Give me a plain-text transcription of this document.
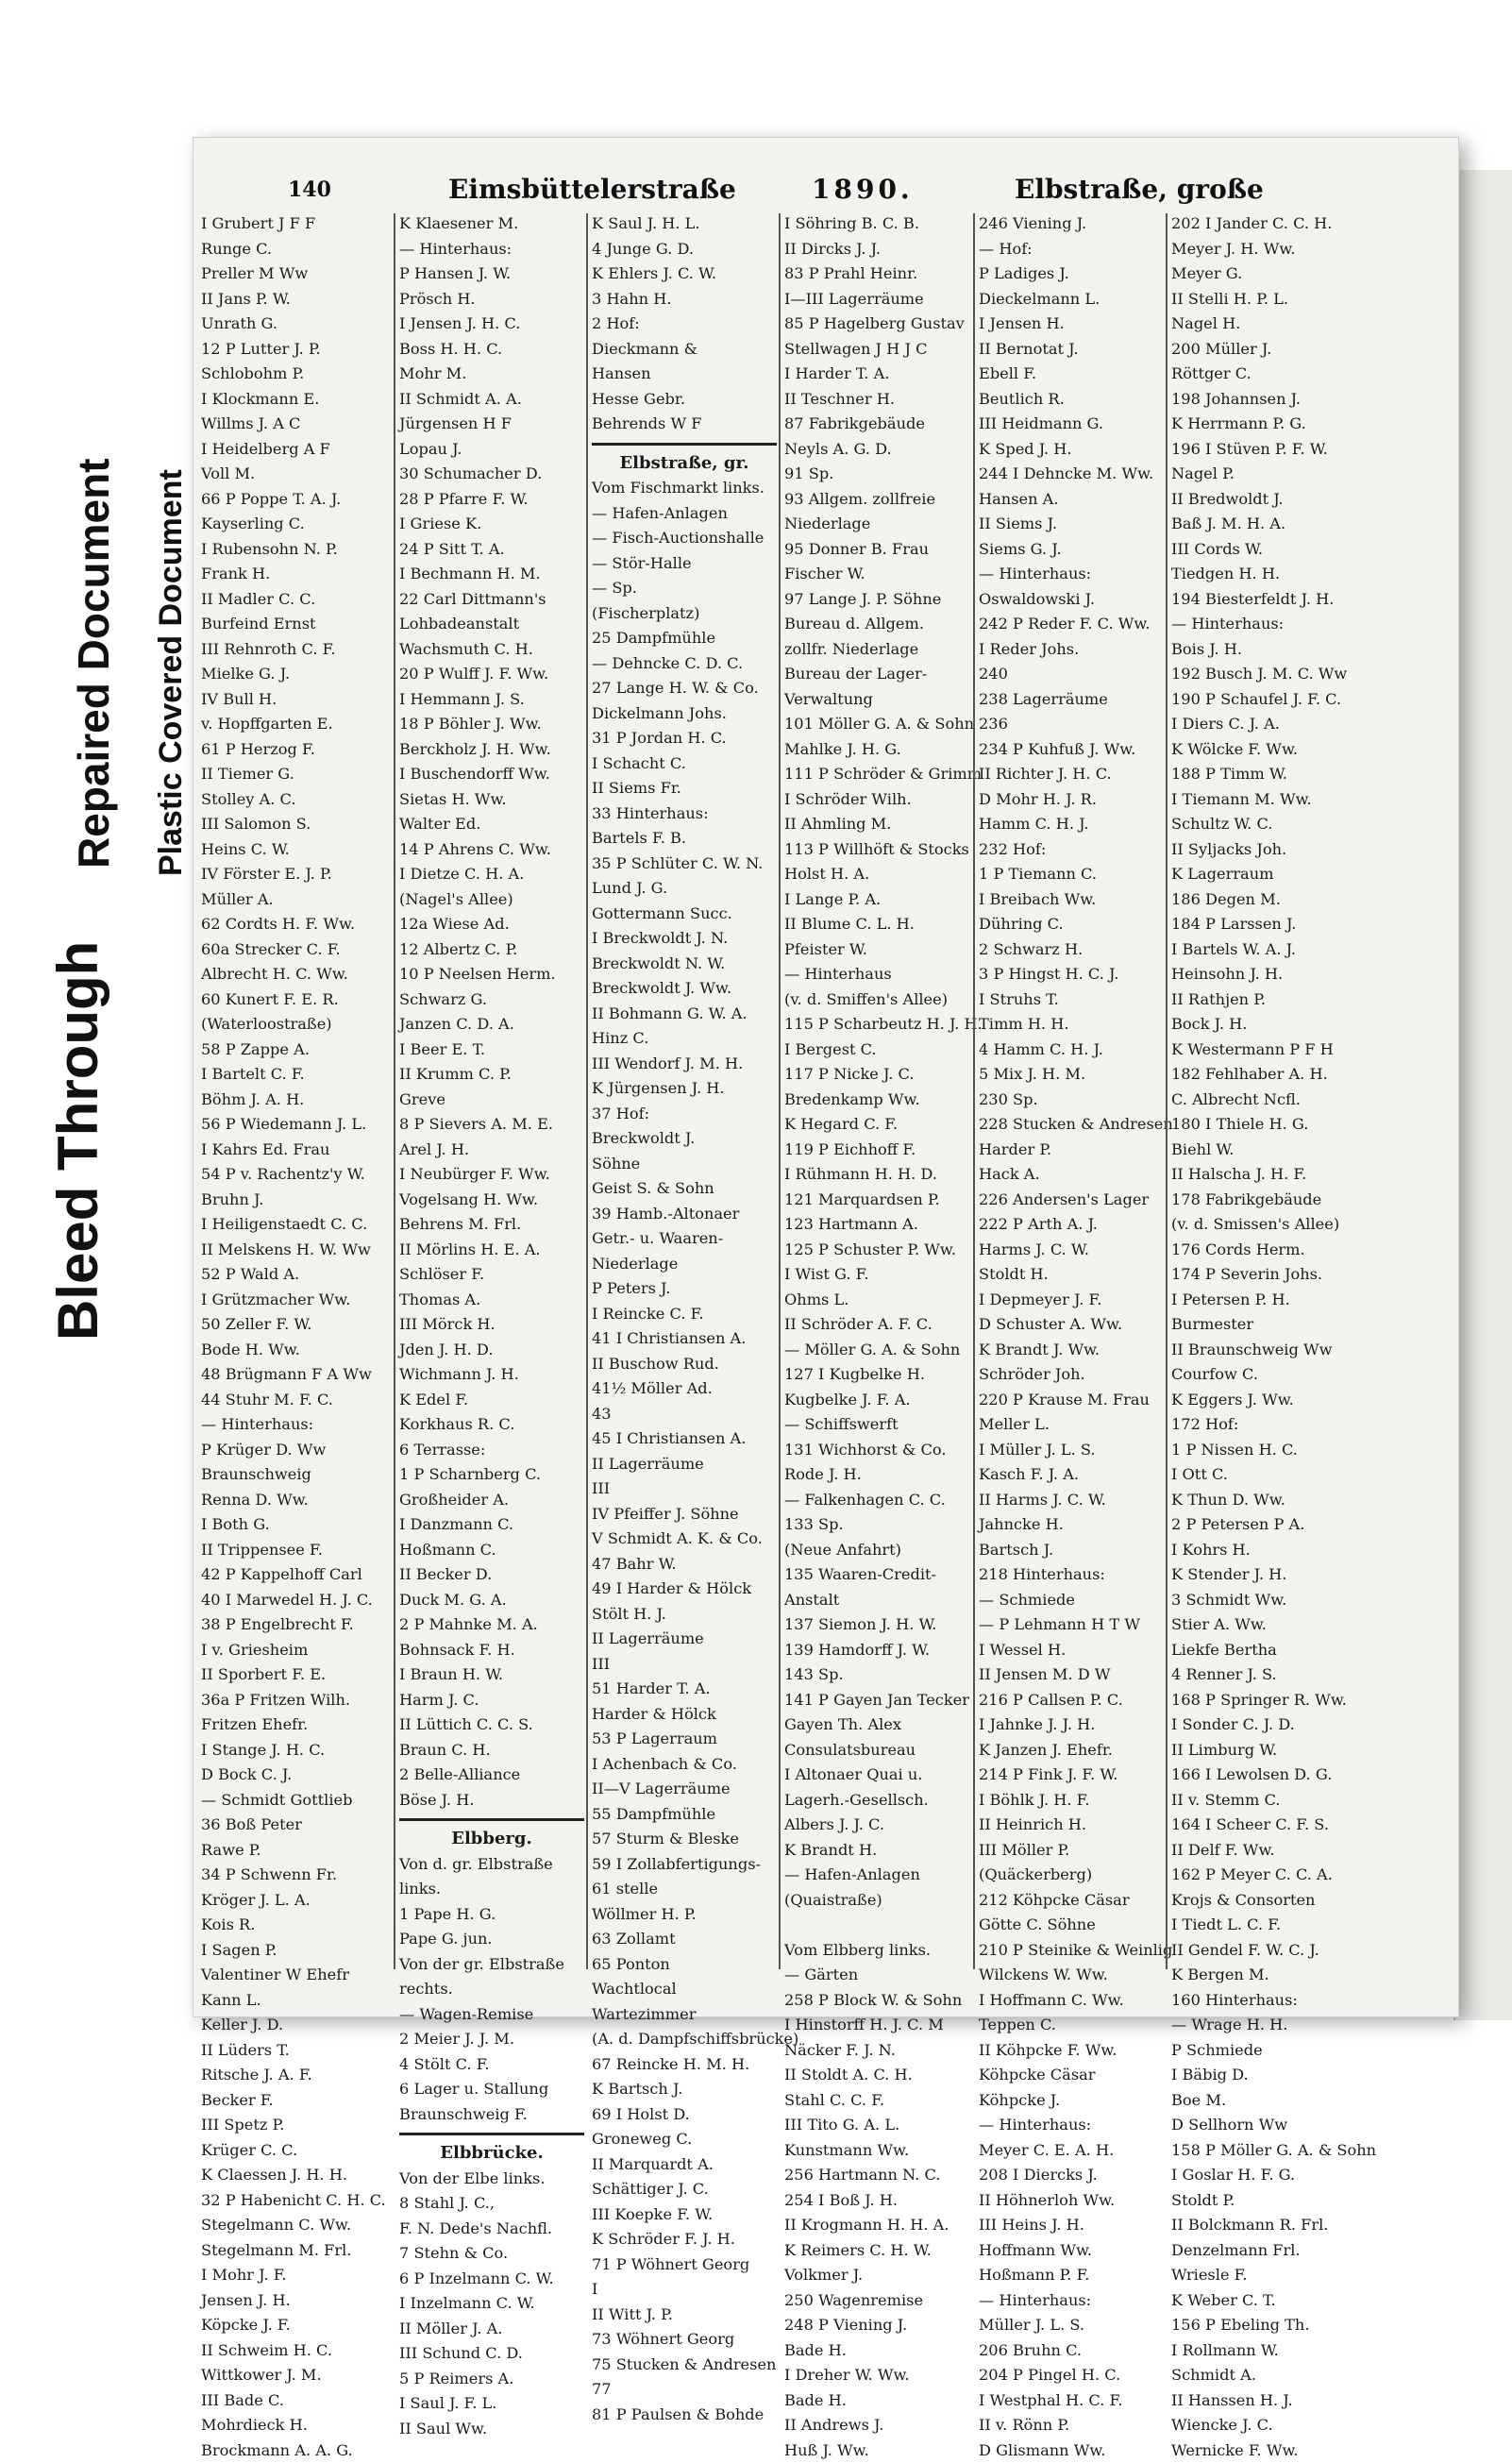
Bleed Through
Repaired Document Plastic Covered Document
140	Eimsbüttelerstraße	1890.	Elbstraße, große
I Grubert J F F
Runge C.
Preller M Ww
II Jans P. W.
Unrath G.
12 P Lutter J. P.
Schlobohm P.
I Klockmann E.
Willms J. A C
I Heidelberg A F
Voll M.
66 P Poppe T. A. J.
Kayserling C.
I Rubensohn N. P.
Frank H.
II Madler C. C.
Burfeind Ernst
III Rehnroth C. F.
Mielke G. J.
IV Bull H.
v. Hopffgarten E.
61 P Herzog F.
II Tiemer G.
Stolley A. C.
III Salomon S.
Heins C. W.
IV Förster E. J. P.
Müller A.
62 Cordts H. F. Ww.
60a Strecker C. F.
Albrecht H. C. Ww.
60 Kunert F. E. R.
(Waterloostraße)
58 P Zappe A.
I Bartelt C. F.
Böhm J. A. H.
56 P Wiedemann J. L.
I Kahrs Ed. Frau
54 P v. Rachentz'y W.
Bruhn J.
I Heiligenstaedt C. C.
II Melskens H. W. Ww
52 P Wald A.
I Grützmacher Ww.
50 Zeller F. W.
Bode H. Ww.
48 Brügmann F A Ww
44 Stuhr M. F. C.
— Hinterhaus:
P Krüger D. Ww
Braunschweig
Renna D. Ww.
I Both G.
II Trippensee F.
42 P Kappelhoff Carl
40 I Marwedel H. J. C.
38 P Engelbrecht F.
I v. Griesheim
II Sporbert F. E.
36a P Fritzen Wilh.
Fritzen Ehefr.
I Stange J. H. C.
D Bock C. J.
— Schmidt Gottlieb
36 Boß Peter
Rawe P.
34 P Schwenn Fr.
Kröger J. L. A.
Kois R.
I Sagen P.
Valentiner W Ehefr
Kann L.
Keller J. D.
II Lüders T.
Ritsche J. A. F.
Becker F.
III Spetz P.
Krüger C. C.
K Claessen J. H. H.
32 P Habenicht C. H. C.
Stegelmann C. Ww.
Stegelmann M. Frl.
I Mohr J. F.
Jensen J. H.
Köpcke J. F.
II Schweim H. C.
Wittkower J. M.
III Bade C.
Mohrdieck H.
Brockmann A. A. G.
K Klaesener M.
— Hinterhaus:
P Hansen J. W.
Prösch H.
I Jensen J. H. C.
Boss H. H. C.
Mohr M.
II Schmidt A. A.
Jürgensen H F
Lopau J.
30 Schumacher D.
28 P Pfarre F. W.
I Griese K.
24 P Sitt T. A.
I Bechmann H. M.
22 Carl Dittmann's
Lohbadeanstalt
Wachsmuth C. H.
20 P Wulff J. F. Ww.
I Hemmann J. S.
18 P Böhler J. Ww.
Berckholz J. H. Ww.
I Buschendorff Ww.
Sietas H. Ww.
Walter Ed.
14 P Ahrens C. Ww.
I Dietze C. H. A.
(Nagel's Allee)
12a Wiese Ad.
12 Albertz C. P.
10 P Neelsen Herm.
Schwarz G.
Janzen C. D. A.
I Beer E. T.
II Krumm C. P.
Greve
8 P Sievers A. M. E.
Arel J. H.
I Neubürger F. Ww.
Vogelsang H. Ww.
Behrens M. Frl.
II Mörlins H. E. A.
Schlöser F.
Thomas A.
III Mörck H.
Jden J. H. D.
Wichmann J. H.
K Edel F.
Korkhaus R. C.
6 Terrasse:
1 P Scharnberg C.
Großheider A.
I Danzmann C.
Hoßmann C.
II Becker D.
Duck M. G. A.
2 P Mahnke M. A.
Bohnsack F. H.
I Braun H. W.
Harm J. C.
II Lüttich C. C. S.
Braun C. H.
2 Belle-Alliance
Böse J. H.
Elbberg.
Von d. gr. Elbstraße
links.
1 Pape H. G.
Pape G. jun.
Von der gr. Elbstraße
rechts.
— Wagen-Remise
2 Meier J. J. M.
4 Stölt C. F.
6 Lager u. Stallung
Braunschweig F.
Elbbrücke.
Von der Elbe links.
8 Stahl J. C.,
F. N. Dede's Nachfl.
7 Stehn & Co.
6 P Inzelmann C. W.
I Inzelmann C. W.
II Möller J. A.
III Schund C. D.
5 P Reimers A.
I Saul J. F. L.
II Saul Ww.
K Saul J. H. L.
4 Junge G. D.
K Ehlers J. C. W.
3 Hahn H.
2 Hof:
Dieckmann &
Hansen
Hesse Gebr.
Behrends W F
Elbstraße, gr.
Vom Fischmarkt links.
— Hafen-Anlagen
— Fisch-Auctionshalle
— Stör-Halle
— Sp.
(Fischerplatz)
25 Dampfmühle
— Dehncke C. D. C.
27 Lange H. W. & Co.
Dickelmann Johs.
31 P Jordan H. C.
I Schacht C.
II Siems Fr.
33 Hinterhaus:
Bartels F. B.
35 P Schlüter C. W. N.
Lund J. G.
Gottermann Succ.
I Breckwoldt J. N.
Breckwoldt N. W.
Breckwoldt J. Ww.
II Bohmann G. W. A.
Hinz C.
III Wendorf J. M. H.
K Jürgensen J. H.
37 Hof:
Breckwoldt J.
Söhne
Geist S. & Sohn
39 Hamb.-Altonaer
Getr.- u. Waaren-
Niederlage
P Peters J.
I Reincke C. F.
41 I Christiansen A.
II Buschow Rud.
41½ Möller Ad.
43
45 I Christiansen A.
II Lagerräume
III
IV Pfeiffer J. Söhne
V Schmidt A. K. & Co.
47 Bahr W.
49 I Harder & Hölck
Stölt H. J.
II Lagerräume
III
51 Harder T. A.
Harder & Hölck
53 P Lagerraum
I Achenbach & Co.
II—V Lagerräume
55 Dampfmühle
57 Sturm & Bleske
59 I Zollabfertigungs-
61 stelle
Wöllmer H. P.
63 Zollamt
65 Ponton
Wachtlocal
Wartezimmer
(A. d. Dampfschiffsbrücke)
67 Reincke H. M. H.
K Bartsch J.
69 I Holst D.
Groneweg C.
II Marquardt A.
Schättiger J. C.
III Koepke F. W.
K Schröder F. J. H.
71 P Wöhnert Georg
I
II Witt J. P.
73 Wöhnert Georg
75 Stucken & Andresen
77
81 P Paulsen & Bohde
I Söhring B. C. B.
II Dircks J. J.
83 P Prahl Heinr.
I—III Lagerräume
85 P Hagelberg Gustav
Stellwagen J H J C
I Harder T. A.
II Teschner H.
87 Fabrikgebäude
Neyls A. G. D.
91 Sp.
93 Allgem. zollfreie
Niederlage
95 Donner B. Frau
Fischer W.
97 Lange J. P. Söhne
Bureau d. Allgem.
zollfr. Niederlage
Bureau der Lager-
Verwaltung
101 Möller G. A. & Sohn
Mahlke J. H. G.
111 P Schröder & Grimm
I Schröder Wilh.
II Ahmling M.
113 P Willhöft & Stocks
Holst H. A.
I Lange P. A.
II Blume C. L. H.
Pfeister W.
— Hinterhaus
(v. d. Smiffen's Allee)
115 P Scharbeutz H. J. H.
I Bergest C.
117 P Nicke J. C.
Bredenkamp Ww.
K Hegard C. F.
119 P Eichhoff F.
I Rühmann H. H. D.
121 Marquardsen P.
123 Hartmann A.
125 P Schuster P. Ww.
I Wist G. F.
Ohms L.
II Schröder A. F. C.
— Möller G. A. & Sohn
127 I Kugbelke H.
Kugbelke J. F. A.
— Schiffswerft
131 Wichhorst & Co.
Rode J. H.
— Falkenhagen C. C.
133 Sp.
(Neue Anfahrt)
135 Waaren-Credit-
Anstalt
137 Siemon J. H. W.
139 Hamdorff J. W.
143 Sp.
141 P Gayen Jan Tecker
Gayen Th. Alex
Consulatsbureau
I Altonaer Quai u.
Lagerh.-Gesellsch.
Albers J. J. C.
K Brandt H.
— Hafen-Anlagen
(Quaistraße)
Vom Elbberg links.
— Gärten
258 P Block W. & Sohn
I Hinstorff H. J. C. M
Näcker F. J. N.
II Stoldt A. C. H.
Stahl C. C. F.
III Tito G. A. L.
Kunstmann Ww.
256 Hartmann N. C.
254 I Boß J. H.
II Krogmann H. H. A.
K Reimers C. H. W.
Volkmer J.
250 Wagenremise
248 P Viening J.
Bade H.
I Dreher W. Ww.
Bade H.
II Andrews J.
Huß J. Ww.
246 Viening J.
— Hof:
P Ladiges J.
Dieckelmann L.
I Jensen H.
II Bernotat J.
Ebell F.
Beutlich R.
III Heidmann G.
K Sped J. H.
244 I Dehncke M. Ww.
Hansen A.
II Siems J.
Siems G. J.
— Hinterhaus:
Oswaldowski J.
242 P Reder F. C. Ww.
I Reder Johs.
240
238 Lagerräume
236
234 P Kuhfuß J. Ww.
II Richter J. H. C.
D Mohr H. J. R.
Hamm C. H. J.
232 Hof:
1 P Tiemann C.
I Breibach Ww.
Dühring C.
2 Schwarz H.
3 P Hingst H. C. J.
I Struhs T.
Timm H. H.
4 Hamm C. H. J.
5 Mix J. H. M.
230 Sp.
228 Stucken & Andresen
Harder P.
Hack A.
226 Andersen's Lager
222 P Arth A. J.
Harms J. C. W.
Stoldt H.
I Depmeyer J. F.
D Schuster A. Ww.
K Brandt J. Ww.
Schröder Joh.
220 P Krause M. Frau
Meller L.
I Müller J. L. S.
Kasch F. J. A.
II Harms J. C. W.
Jahncke H.
Bartsch J.
218 Hinterhaus:
— Schmiede
— P Lehmann H T W
I Wessel H.
II Jensen M. D W
216 P Callsen P. C.
I Jahnke J. J. H.
K Janzen J. Ehefr.
214 P Fink J. F. W.
I Böhlk J. H. F.
II Heinrich H.
III Möller P.
(Quäckerberg)
212 Köhpcke Cäsar
Götte C. Söhne
210 P Steinike & Weinlig
Wilckens W. Ww.
I Hoffmann C. Ww.
Teppen C.
II Köhpcke F. Ww.
Köhpcke Cäsar
Köhpcke J.
— Hinterhaus:
Meyer C. E. A. H.
208 I Diercks J.
II Höhnerloh Ww.
III Heins J. H.
Hoffmann Ww.
Hoßmann P. F.
— Hinterhaus:
Müller J. L. S.
206 Bruhn C.
204 P Pingel H. C.
I Westphal H. C. F.
II v. Rönn P.
D Glismann Ww.
202 I Jander C. C. H.
Meyer J. H. Ww.
Meyer G.
II Stelli H. P. L.
Nagel H.
200 Müller J.
Röttger C.
198 Johannsen J.
K Herrmann P. G.
196 I Stüven P. F. W.
Nagel P.
II Bredwoldt J.
Baß J. M. H. A.
III Cords W.
Tiedgen H. H.
194 Biesterfeldt J. H.
— Hinterhaus:
Bois J. H.
192 Busch J. M. C. Ww
190 P Schaufel J. F. C.
I Diers C. J. A.
K Wölcke F. Ww.
188 P Timm W.
I Tiemann M. Ww.
Schultz W. C.
II Syljacks Joh.
K Lagerraum
186 Degen M.
184 P Larssen J.
I Bartels W. A. J.
Heinsohn J. H.
II Rathjen P.
Bock J. H.
K Westermann P F H
182 Fehlhaber A. H.
C. Albrecht Ncfl.
180 I Thiele H. G.
Biehl W.
II Halscha J. H. F.
178 Fabrikgebäude
(v. d. Smissen's Allee)
176 Cords Herm.
174 P Severin Johs.
I Petersen P. H.
Burmester
II Braunschweig Ww
Courfow C.
K Eggers J. Ww.
172 Hof:
1 P Nissen H. C.
I Ott C.
K Thun D. Ww.
2 P Petersen P A.
I Kohrs H.
K Stender J. H.
3 Schmidt Ww.
Stier A. Ww.
Liekfe Bertha
4 Renner J. S.
168 P Springer R. Ww.
I Sonder C. J. D.
II Limburg W.
166 I Lewolsen D. G.
II v. Stemm C.
164 I Scheer C. F. S.
II Delf F. Ww.
162 P Meyer C. C. A.
Krojs & Consorten
I Tiedt L. C. F.
II Gendel F. W. C. J.
K Bergen M.
160 Hinterhaus:
— Wrage H. H.
P Schmiede
I Bäbig D.
Boe M.
D Sellhorn Ww
158 P Möller G. A. & Sohn
I Goslar H. F. G.
Stoldt P.
II Bolckmann R. Frl.
Denzelmann Frl.
Wriesle F.
K Weber C. T.
156 P Ebeling Th.
I Rollmann W.
Schmidt A.
II Hanssen H. J.
Wiencke J. C.
Wernicke F. Ww.
